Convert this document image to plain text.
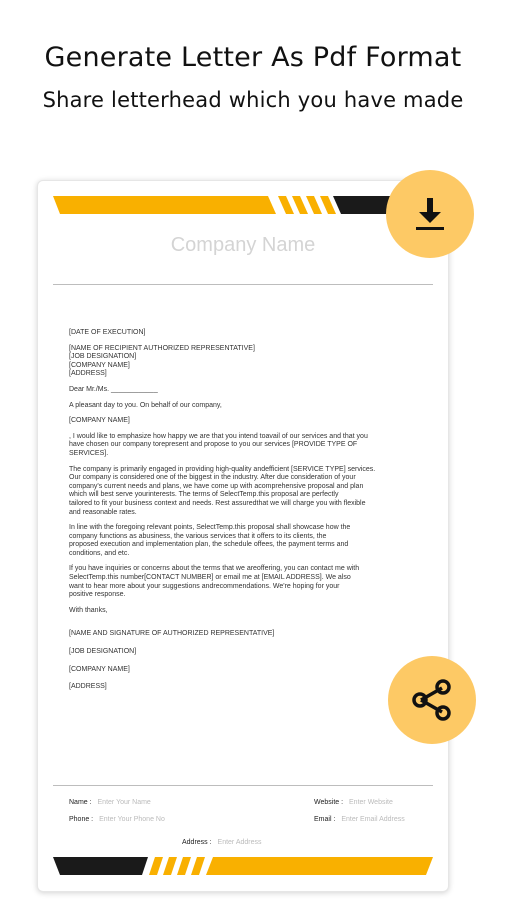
Generate Letter As Pdf Format
Share letterhead which you have made
Company Name

[DATE OF EXECUTION]

[NAME OF RECIPIENT AUTHORIZED REPRESENTATIVE]
[JOB DESIGNATION]
[COMPANY NAME]
[ADDRESS]

Dear Mr./Ms. ____________

A pleasant day to you. On behalf of our company,

[COMPANY NAME]

, I would like to emphasize how happy we are that you intend toavail of our services and that you
have chosen our company torepresent and propose to you our services [PROVIDE TYPE OF
SERVICES].

The company is primarily engaged in providing high-quality andefficient [SERVICE TYPE] services.
Our company is considered one of the biggest in the industry. After due consideration of your
company's current needs and plans, we have come up with acomprehensive proposal and plan
which will best serve yourinterests. The terms of SelectTemp.this proposal are perfectly
tailored to fit your business context and needs. Rest assuredthat we will charge you with flexible
and reasonable rates.

In line with the foregoing relevant points, SelectTemp.this proposal shall showcase how the
company functions as abusiness, the various services that it offers to its clients, the
proposed execution and implementation plan, the schedule offees, the payment terms and
conditions, and etc.

If you have inquiries or concerns about the terms that we areoffering, you can contact me with
SelectTemp.this number[CONTACT NUMBER] or email me at [EMAIL ADDRESS]. We also
want to hear more about your suggestions andrecommendations. We're hoping for your
positive response.

With thanks,

[NAME AND SIGNATURE OF AUTHORIZED REPRESENTATIVE]

[JOB DESIGNATION]

[COMPANY NAME]

[ADDRESS]

Name : Enter Your Name	Website : Enter Website
Phone : Enter Your Phone No	Email : Enter Email Address
Address : Enter Address
